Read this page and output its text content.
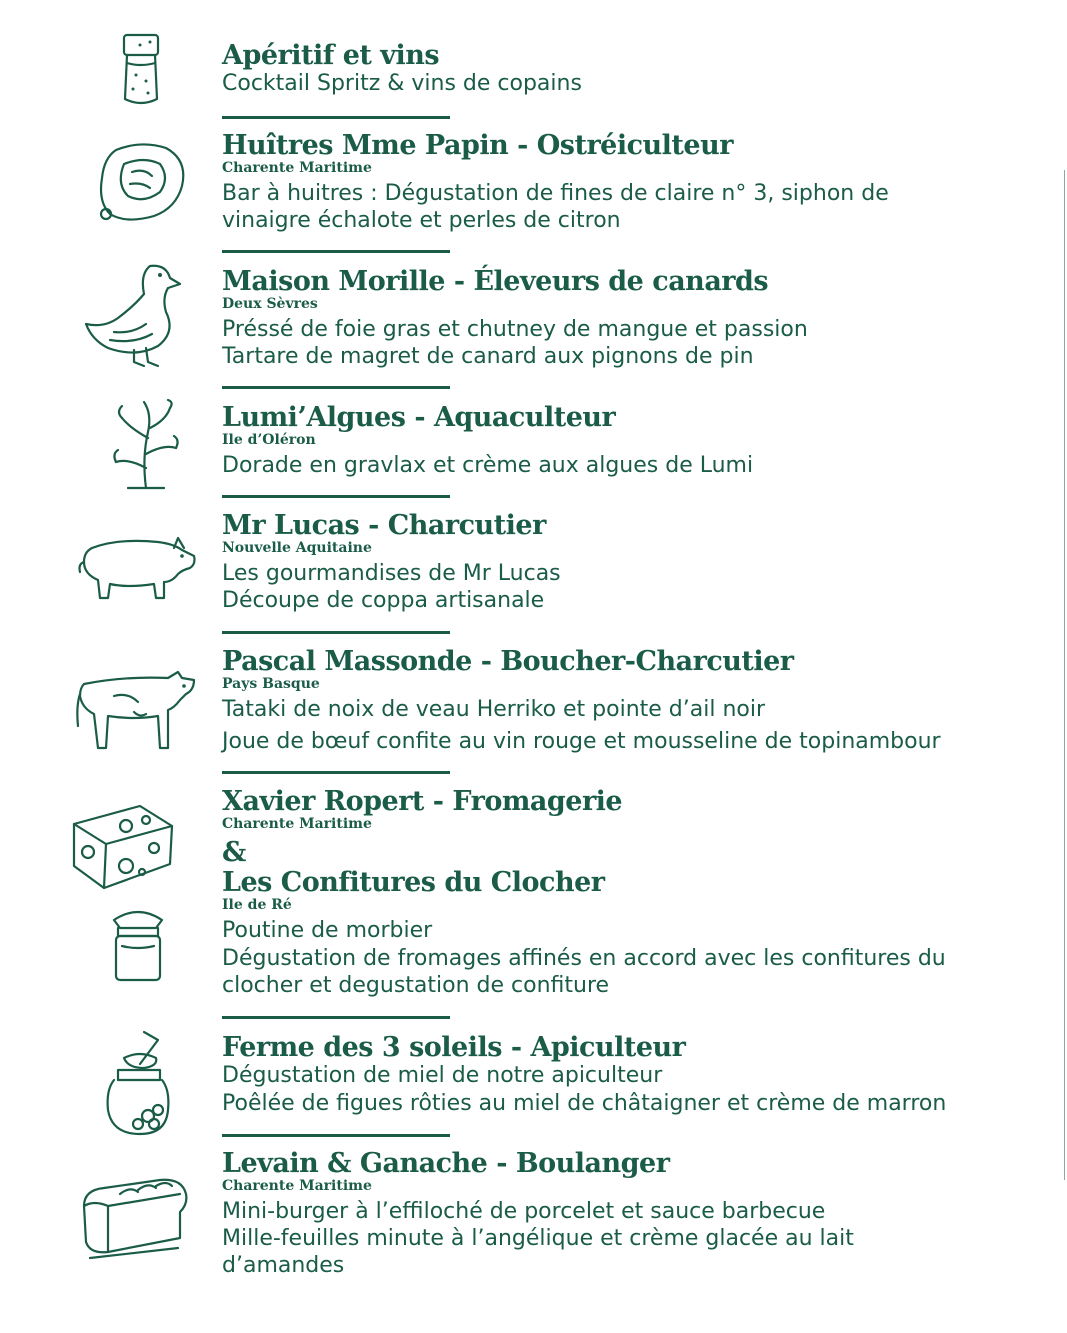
Apéritif et vins

Cocktail Spritz & vins de copains

Huîtres Mme Papin - Ostréiculteur

Charente Maritime

Bar à huitres : Dégustation de fines de claire n° 3, siphon de

vinaigre échalote et perles de citron

Maison Morille - Éleveurs de canards

Deux Sèvres

Préssé de foie gras et chutney de mangue et passion

Tartare de magret de canard aux pignons de pin

Lumi’Algues - Aquaculteur

Ile d’Oléron

Dorade en gravlax et crème aux algues de Lumi

Mr Lucas - Charcutier

Nouvelle Aquitaine

Les gourmandises de Mr Lucas

Découpe de coppa artisanale

Pascal Massonde - Boucher-Charcutier

Pays Basque

Tataki de noix de veau Herriko et pointe d’ail noir

Joue de bœuf confite au vin rouge et mousseline de topinambour

Xavier Ropert - Fromagerie

Charente Maritime

&
Les Confitures du Clocher

Ile de Ré

Poutine de morbier

Dégustation de fromages affinés en accord avec les confitures du

clocher et degustation de confiture

Ferme des 3 soleils - Apiculteur

Dégustation de miel de notre apiculteur

Poêlée de figues rôties au miel de châtaigner et crème de marron

Levain & Ganache - Boulanger

Charente Maritime

Mini-burger à l’effiloché de porcelet et sauce barbecue

Mille-feuilles minute à l’angélique et crème glacée au lait

d’amandes
